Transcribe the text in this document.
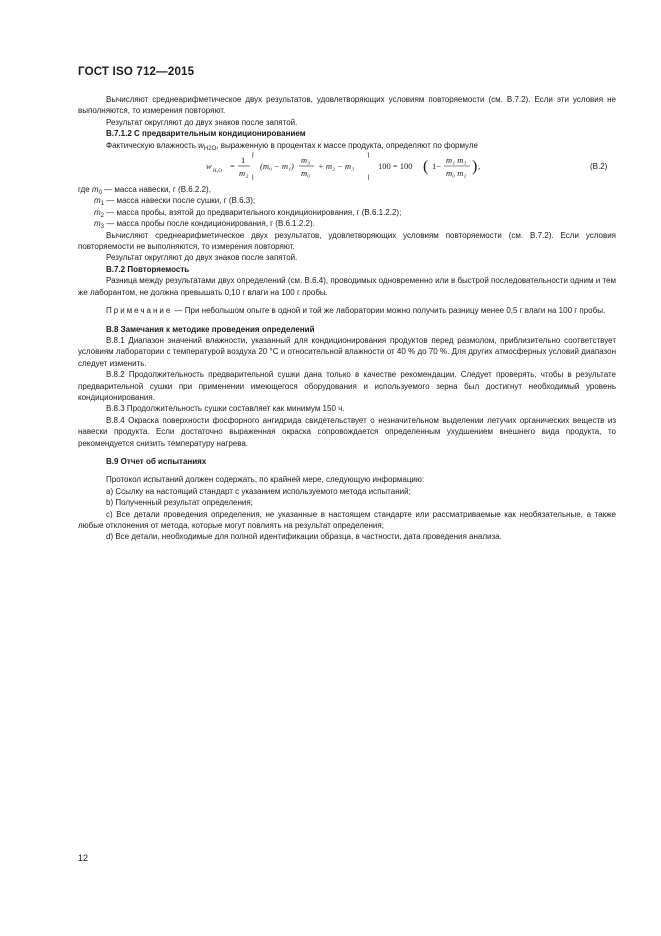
ГОСТ ISO 712—2015

Вычисляют среднеарифметическое двух результатов, удовлетворяющих условиям повторяемости (см. В.7.2). Если эти условия не выполняются, то измерения повторяют.

Результат округляют до двух знаков после запятой.

В.7.1.2 С предварительным кондиционированием

Фактическую влажность $w_{H2O}$, выраженную в процентах к массе продукта, определяют по формуле

w
H₂O
=
1
m 2
⌈
⌊
(m₀ − m₁)
m₃
m₀
+ m₂ − m₃
⌉
⌋
100 = 100 ( 1−
m₁ m₃
m₀ m₂ ) ,	(В.2)

где $m_0$ — масса навески, г (В.6.2.2),

$m_1$ — масса навески после сушки, г (В.6.3);

$m_2$ — масса пробы, взятой до предварительного кондиционирования, г (В.6.1.2.2);

$m_3$ — масса пробы после кондиционирования, г (В.6.1.2.2).

Вычисляют среднеарифметическое двух результатов, удовлетворяющих условиям повторяемости (см. В.7.2). Если условия повторяемости не выполняются, то измерения повторяют.

Результат округляют до двух знаков после запятой.

В.7.2 Повторяемость

Разница между результатами двух определений (см. В.6.4), проводимых одновременно или в быстрой последовательности одним и тем же лаборантом, не должна превышать 0,10 г влаги на 100 г пробы.

Примечание — При небольшом опыте в одной и той же лаборатории можно получить разницу менее 0,5 г влаги на 100 г пробы.

В.8 Замечания к методике проведения определений

В.8.1 Диапазон значений влажности, указанный для кондиционирования продуктов перед размолом, приблизительно соответствует условиям лаборатории с температурой воздуха 20 °С и относительной влажности от 40 % до 70 %. Для других атмосферных условий диапазон следует изменить.

В.8.2 Продолжительность предварительной сушки дана только в качестве рекомендации. Следует проверять, чтобы в результате предварительной сушки при применении имеющегося оборудования и используемого зерна был достигнут необходимый уровень кондиционирования.

В.8.3 Продолжительность сушки составляет как минимум 150 ч.

В.8.4 Окраска поверхности фосфорного ангидрида свидетельствует о незначительном выделении летучих органических веществ из навески продукта. Если достаточно выраженная окраска сопровождается определенным ухудшением внешнего вида продукта, то рекомендуется снизить температуру нагрева.

В.9 Отчет об испытаниях

Протокол испытаний должен содержать, по крайней мере, следующую информацию:

a) Ссылку на настоящий стандарт с указанием используемого метода испытаний;

b) Полученный результат определения;

c) Все детали проведения определения, не указанные в настоящем стандарте или рассматриваемые как необязательные, а также любые отклонения от метода, которые могут повлиять на результат определения;

d) Все детали, необходимые для полной идентификации образца, в частности, дата проведения анализа.

12
